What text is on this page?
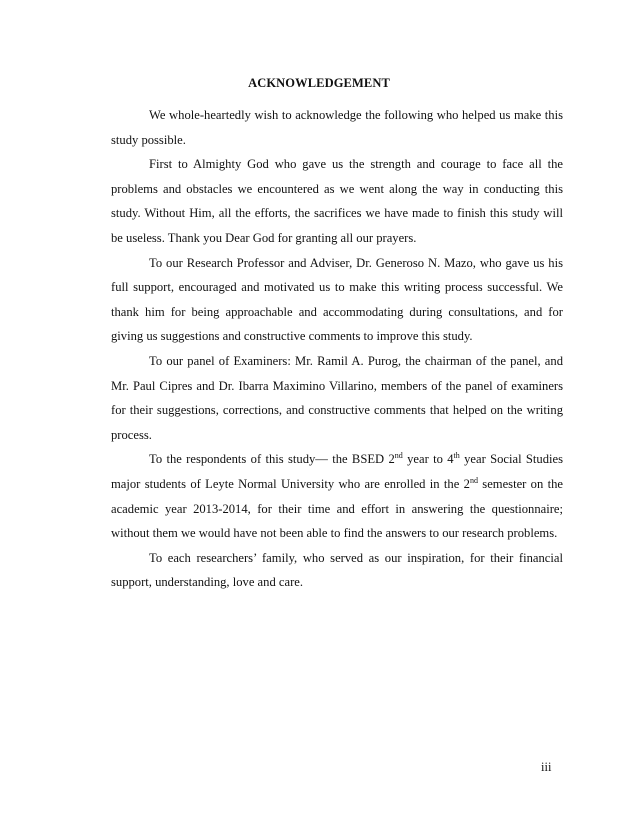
ACKNOWLEDGEMENT

We whole-heartedly wish to acknowledge the following who helped us make this study possible.

First to Almighty God who gave us the strength and courage to face all the problems and obstacles we encountered as we went along the way in conducting this study. Without Him, all the efforts, the sacrifices we have made to finish this study will be useless. Thank you Dear God for granting all our prayers.

To our Research Professor and Adviser, Dr. Generoso N. Mazo, who gave us his full support, encouraged and motivated us to make this writing process successful. We thank him for being approachable and accommodating during consultations, and for giving us suggestions and constructive comments to improve this study.

To our panel of Examiners: Mr. Ramil A. Purog, the chairman of the panel, and Mr. Paul Cipres and Dr. Ibarra Maximino Villarino, members of the panel of examiners for their suggestions, corrections, and constructive comments that helped on the writing process.

To the respondents of this study— the BSED 2nd year to 4th year Social Studies major students of Leyte Normal University who are enrolled in the 2nd semester on the academic year 2013-2014, for their time and effort in answering the questionnaire; without them we would have not been able to find the answers to our research problems.

To each researchers’ family, who served as our inspiration, for their financial support, understanding, love and care.

iii
